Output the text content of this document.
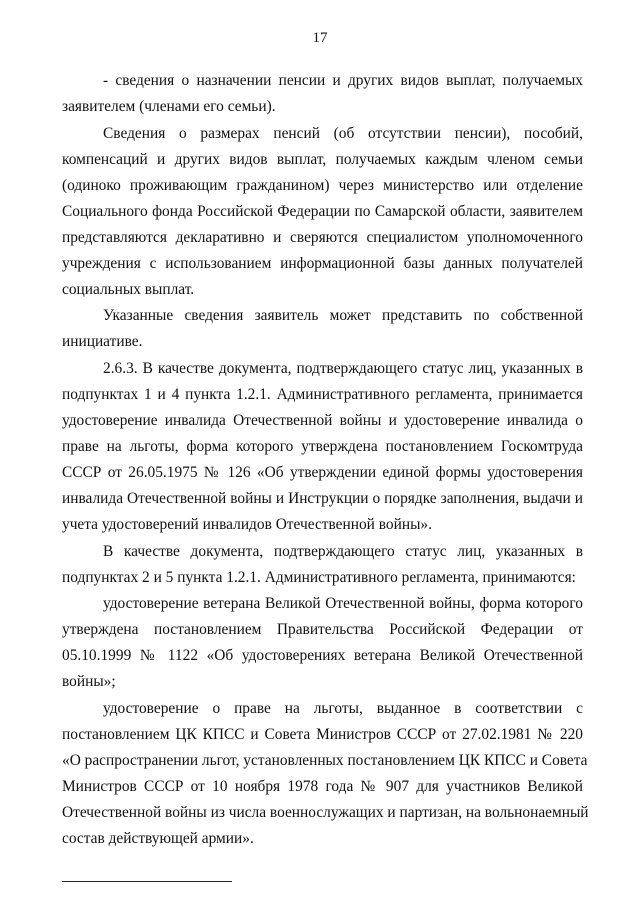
17
- сведения о назначении пенсии и других видов выплат, получаемых
заявителем (членами его семьи).
Сведения о размерах пенсий (об отсутствии пенсии), пособий,
компенсаций и других видов выплат, получаемых каждым членом семьи
(одиноко проживающим гражданином) через министерство или отделение
Социального фонда Российской Федерации по Самарской области, заявителем
представляются декларативно и сверяются специалистом уполномоченного
учреждения с использованием информационной базы данных получателей
социальных выплат.
Указанные сведения заявитель может представить по собственной
инициативе.
2.6.3. В качестве документа, подтверждающего статус лиц, указанных в
подпунктах 1 и 4 пункта 1.2.1. Административного регламента, принимается
удостоверение инвалида Отечественной войны и удостоверение инвалида о
праве на льготы, форма которого утверждена постановлением Госкомтруда
СССР от 26.05.1975 № 126 «Об утверждении единой формы удостоверения
инвалида Отечественной войны и Инструкции о порядке заполнения, выдачи и
учета удостоверений инвалидов Отечественной войны».
В качестве документа, подтверждающего статус лиц, указанных в
подпунктах 2 и 5 пункта 1.2.1. Административного регламента, принимаются:
удостоверение ветерана Великой Отечественной войны, форма которого
утверждена постановлением Правительства Российской Федерации от
05.10.1999 № 1122 «Об удостоверениях ветерана Великой Отечественной
войны»;
удостоверение о праве на льготы, выданное в соответствии с
постановлением ЦК КПСС и Совета Министров СССР от 27.02.1981 № 220
«О распространении льгот, установленных постановлением ЦК КПСС и Совета
Министров СССР от 10 ноября 1978 года № 907 для участников Великой
Отечественной войны из числа военнослужащих и партизан, на вольнонаемный
состав действующей армии».
